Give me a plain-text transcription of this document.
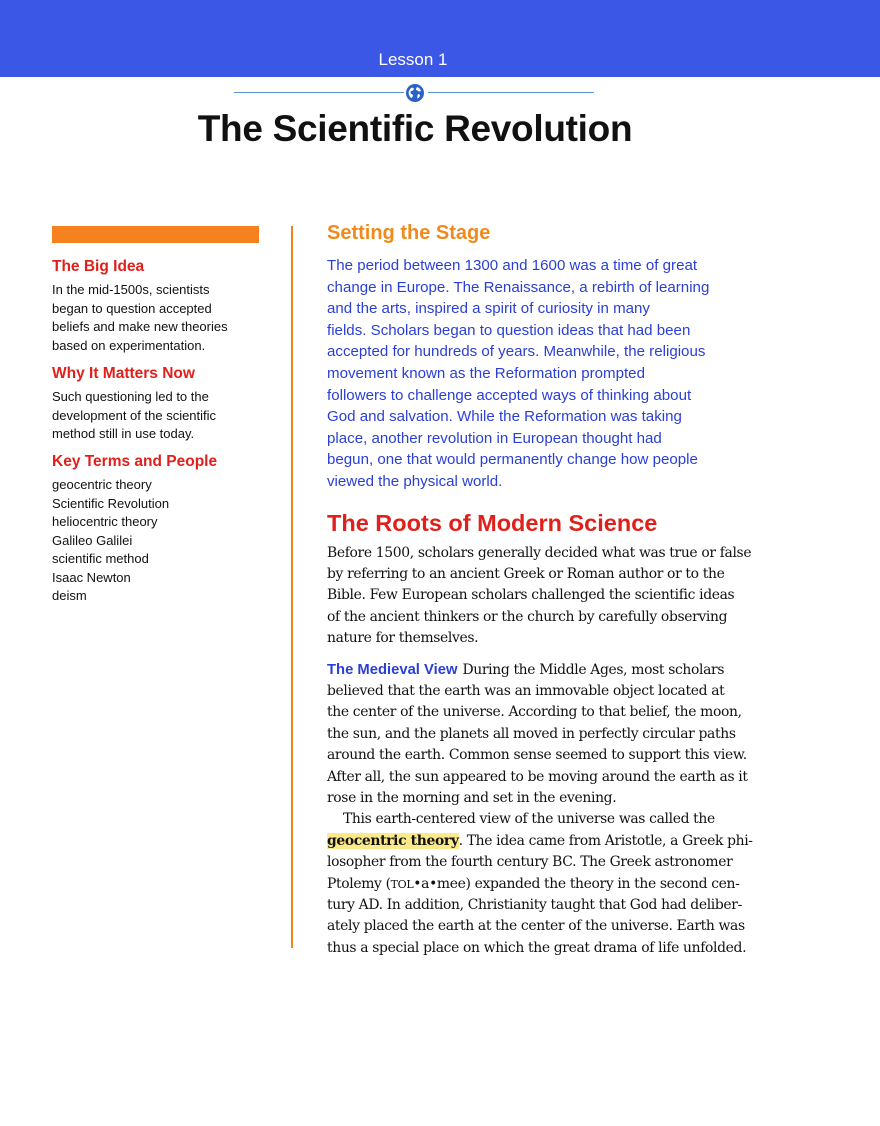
Lesson 1
The Scientific Revolution
The Big Idea

In the mid-1500s, scientists
began to question accepted
beliefs and make new theories
based on experimentation.

Why It Matters Now

Such questioning led to the
development of the scientific
method still in use today.

Key Terms and People
geocentric theory
Scientific Revolution
heliocentric theory
Galileo Galilei
scientific method
Isaac Newton
deism
Setting the Stage

The period between 1300 and 1600 was a time of great
change in Europe. The Renaissance, a rebirth of learning
and the arts, inspired a spirit of curiosity in many
fields. Scholars began to question ideas that had been
accepted for hundreds of years. Meanwhile, the religious
movement known as the Reformation prompted
followers to challenge accepted ways of thinking about
God and salvation. While the Reformation was taking
place, another revolution in European thought had
begun, one that would permanently change how people
viewed the physical world.

The Roots of Modern Science

Before 1500, scholars generally decided what was true or false
by referring to an ancient Greek or Roman author or to the
Bible. Few European scholars challenged the scientific ideas
of the ancient thinkers or the church by carefully observing
nature for themselves.

The Medieval View During the Middle Ages, most scholars
believed that the earth was an immovable object located at
the center of the universe. According to that belief, the moon,
the sun, and the planets all moved in perfectly circular paths
around the earth. Common sense seemed to support this view.
After all, the sun appeared to be moving around the earth as it
rose in the morning and set in the evening.

This earth-centered view of the universe was called the
geocentric theory. The idea came from Aristotle, a Greek phi-
losopher from the fourth century BC. The Greek astronomer
Ptolemy (TOL•a•mee) expanded the theory in the second cen-
tury AD. In addition, Christianity taught that God had deliber-
ately placed the earth at the center of the universe. Earth was
thus a special place on which the great drama of life unfolded.
